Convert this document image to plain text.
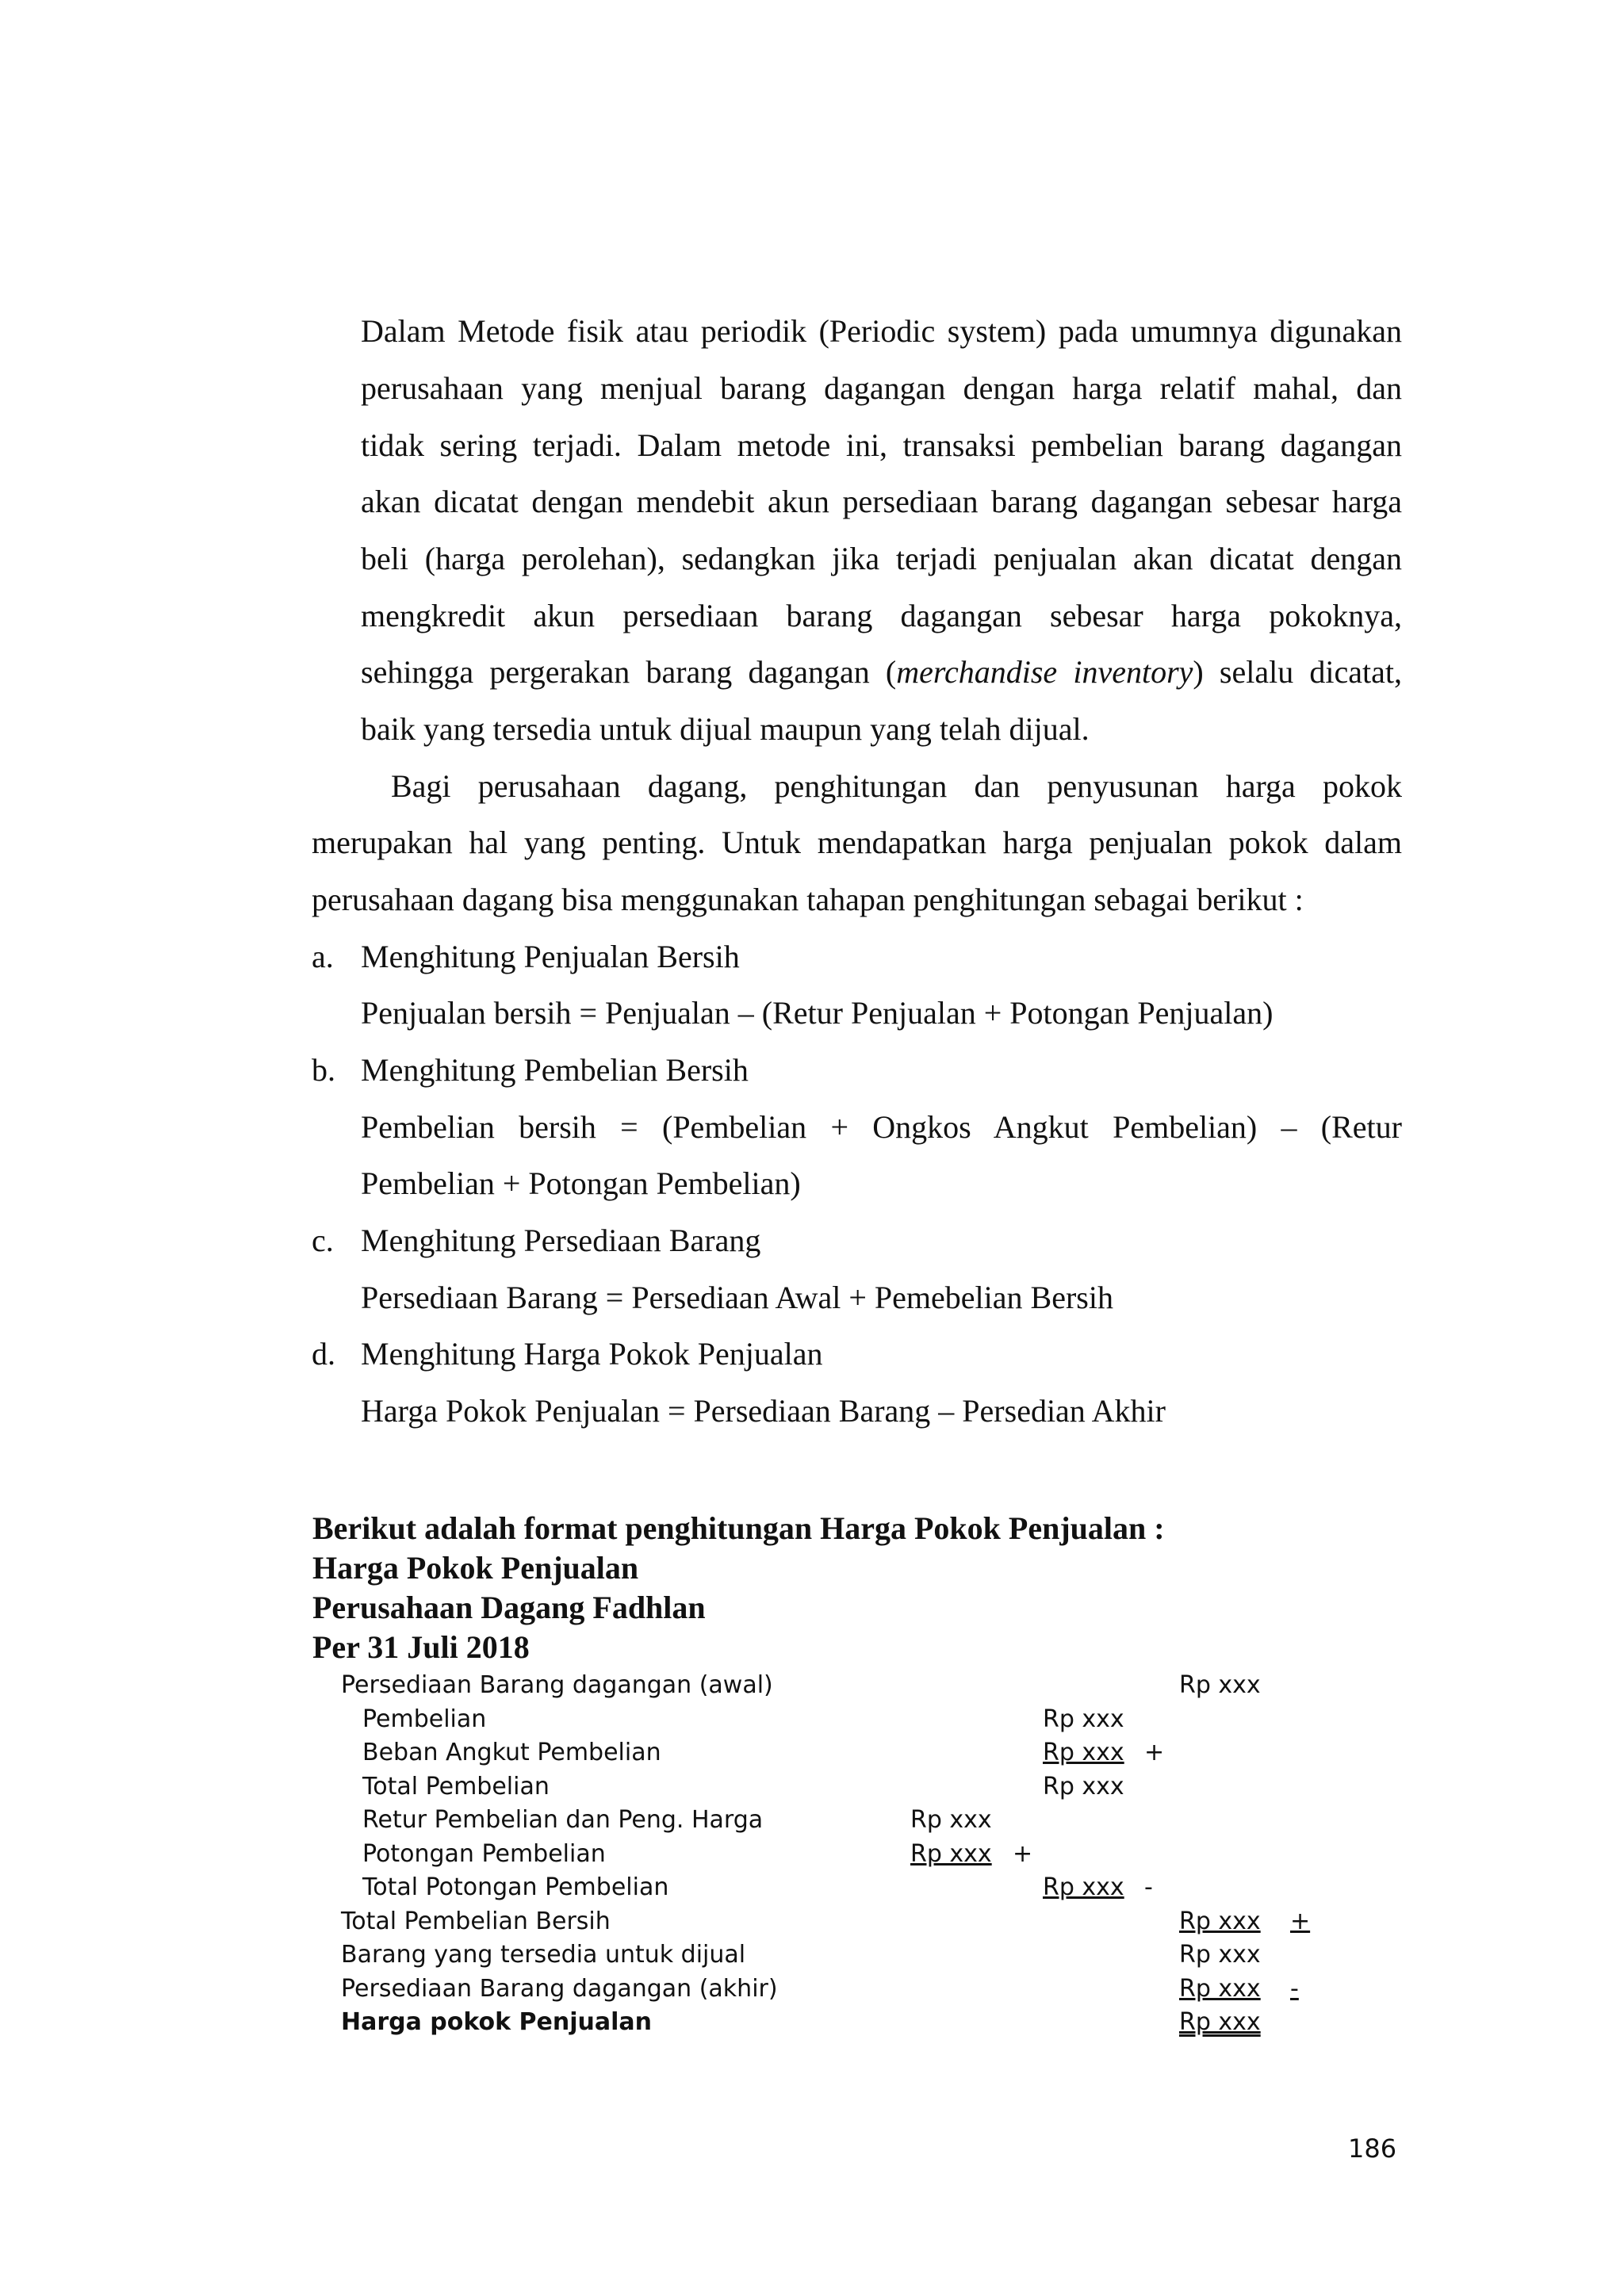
Dalam Metode fisik atau periodik (Periodic system) pada umumnya digunakan
perusahaan yang menjual barang dagangan dengan harga relatif mahal, dan
tidak sering terjadi. Dalam metode ini, transaksi pembelian barang dagangan
akan dicatat dengan mendebit akun persediaan barang dagangan sebesar harga
beli (harga perolehan), sedangkan jika terjadi penjualan akan dicatat dengan
mengkredit akun persediaan barang dagangan sebesar harga pokoknya,
sehingga pergerakan barang dagangan (merchandise inventory) selalu dicatat,
baik yang tersedia untuk dijual maupun yang telah dijual.
Bagi perusahaan dagang, penghitungan dan penyusunan harga pokok
merupakan hal yang penting. Untuk mendapatkan harga penjualan pokok dalam
perusahaan dagang bisa menggunakan tahapan penghitungan sebagai berikut :
a. Menghitung Penjualan Bersih
Penjualan bersih = Penjualan – (Retur Penjualan + Potongan Penjualan)
b. Menghitung Pembelian Bersih
Pembelian bersih = (Pembelian + Ongkos Angkut Pembelian) – (Retur
Pembelian + Potongan Pembelian)
c. Menghitung Persediaan Barang
Persediaan Barang = Persediaan Awal + Pemebelian Bersih
d. Menghitung Harga Pokok Penjualan
Harga Pokok Penjualan = Persediaan Barang – Persedian Akhir
Berikut adalah format penghitungan Harga Pokok Penjualan :
Harga Pokok Penjualan
Perusahaan Dagang Fadhlan
Per 31 Juli 2018
Persediaan Barang dagangan (awal)	Rp xxx
Pembelian	Rp xxx
Beban Angkut Pembelian	Rp xxx +
Total Pembelian	Rp xxx
Retur Pembelian dan Peng. Harga	Rp xxx
Potongan Pembelian	Rp xxx +
Total Potongan Pembelian	Rp xxx -
Total Pembelian Bersih	Rp xxx +
Barang yang tersedia untuk dijual	Rp xxx
Persediaan Barang dagangan (akhir)	Rp xxx -
Harga pokok Penjualan	Rp xxx
186
